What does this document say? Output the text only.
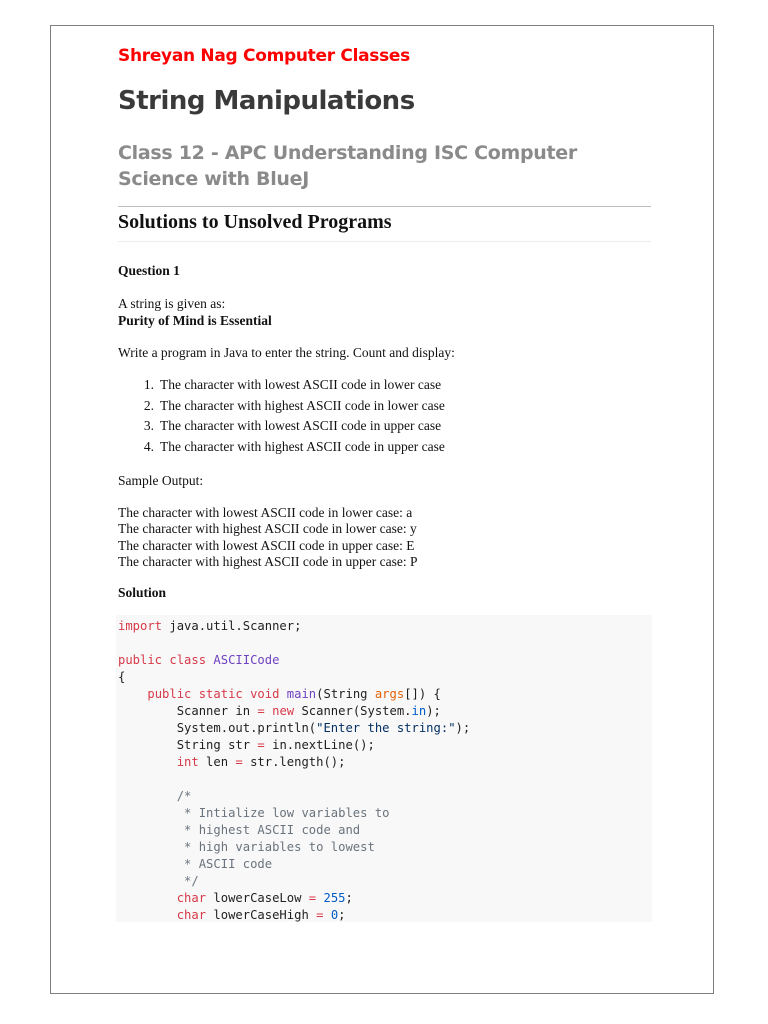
Shreyan Nag Computer Classes
String Manipulations
Class 12 - APC Understanding ISC Computer Science with BlueJ
Solutions to Unsolved Programs
Question 1
A string is given as:
Purity of Mind is Essential
Write a program in Java to enter the string. Count and display:
1. The character with lowest ASCII code in lower case
2. The character with highest ASCII code in lower case
3. The character with lowest ASCII code in upper case
4. The character with highest ASCII code in upper case
Sample Output:
The character with lowest ASCII code in lower case: a
The character with highest ASCII code in lower case: y
The character with lowest ASCII code in upper case: E
The character with highest ASCII code in upper case: P
Solution
import java.util.Scanner;

public class ASCIICode
{
public static void main(String args[]) {
Scanner in = new Scanner(System.in);
System.out.println("Enter the string:");
String str = in.nextLine();
int len = str.length();

/*
* Intialize low variables to
* highest ASCII code and
* high variables to lowest
* ASCII code
*/
char lowerCaseLow = 255;
char lowerCaseHigh = 0;
